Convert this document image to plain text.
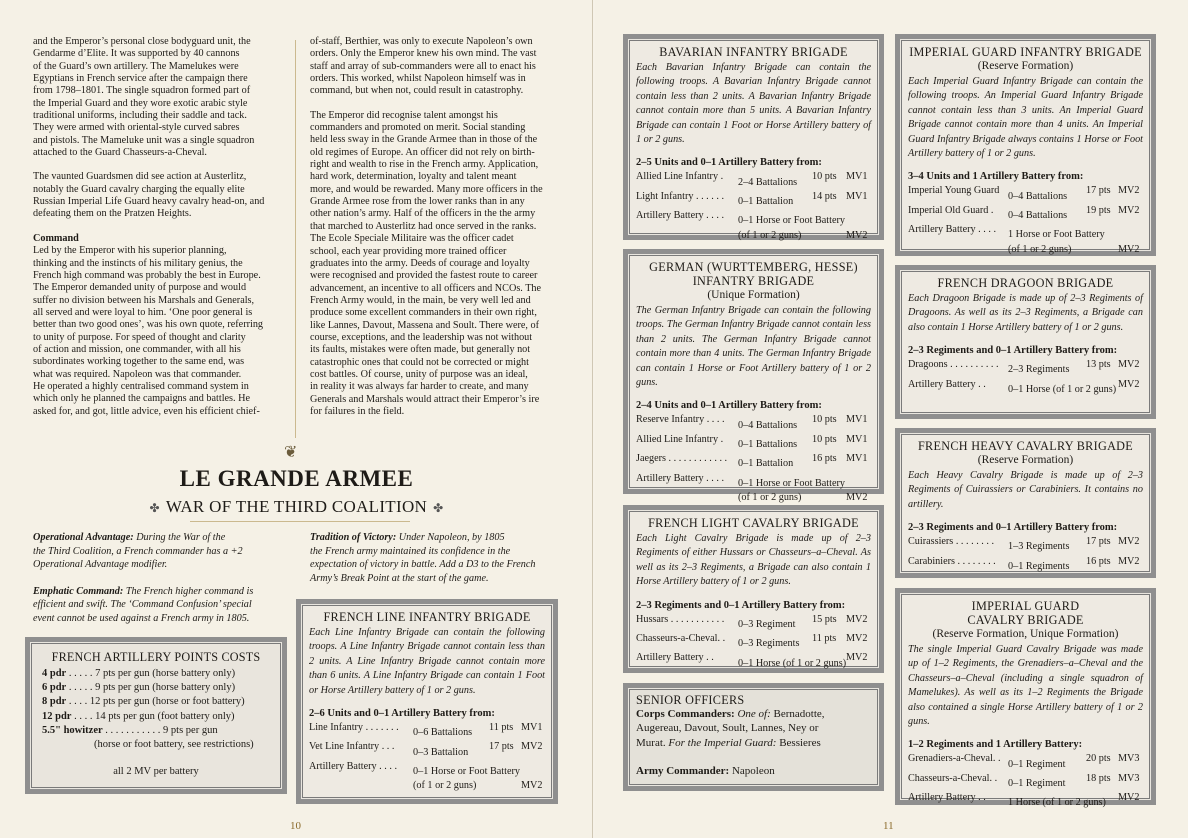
and the Emperor’s personal close bodyguard unit, the
Gendarme d’Elite. It was supported by 40 cannons
of the Guard’s own artillery. The Mamelukes were
Egyptians in French service after the campaign there
from 1798–1801. The single squadron formed part of
the Imperial Guard and they wore exotic arabic style
traditional uniforms, including their saddle and tack.
They were armed with oriental-style curved sabres
and pistols. The Mameluke unit was a single squadron
attached to the Guard Chasseurs-a-Cheval.

The vaunted Guardsmen did see action at Austerlitz,
notably the Guard cavalry charging the equally elite
Russian Imperial Life Guard heavy cavalry head-on, and
defeating them on the Pratzen Heights.

Command

Led by the Emperor with his superior planning,
thinking and the instincts of his military genius, the
French high command was probably the best in Europe.
The Emperor demanded unity of purpose and would
suffer no division between his Marshals and Generals,
all served and were loyal to him. ‘One poor general is
better than two good ones’, was his own quote, referring
to unity of purpose. For speed of thought and clarity
of action and mission, one commander, with all his
subordinates working together to the same end, was
what was required. Napoleon was that commander.
He operated a highly centralised command system in
which only he planned the campaigns and battles. He
asked for, and got, little advice, even his efficient chief-

of-staff, Berthier, was only to execute Napoleon’s own
orders. Only the Emperor knew his own mind. The vast
staff and array of sub-commanders were all to enact his
orders. This worked, whilst Napoleon himself was in
command, but when not, could result in catastrophy.

The Emperor did recognise talent amongst his
commanders and promoted on merit. Social standing
held less sway in the Grande Armee than in those of the
old regimes of Europe. An officer did not rely on birth-
right and wealth to rise in the French army. Application,
hard work, determination, loyalty and talent meant
more, and would be rewarded. Many more officers in the
Grande Armee rose from the lower ranks than in any
other nation’s army. Half of the officers in the the army
that marched to Austerlitz had once served in the ranks.
The Ecole Speciale Militaire was the officer cadet
school, each year providing more trained officer
graduates into the army. Deeds of courage and loyalty
were recognised and provided the fastest route to career
advancement, an incentive to all officers and NCOs. The
French Army would, in the main, be very well led and
produce some excellent commanders in their own right,
like Lannes, Davout, Massena and Soult. There were, of
course, exceptions, and the leadership was not without
its faults, mistakes were often made, but generally not
catastrophic ones that could not be corrected or might
cost battles. Of course, unity of purpose was an ideal,
in reality it was always far harder to create, and many
Generals and Marshals would attract their Emperor’s ire
for failures in the field.

❦
LE GRANDE ARMEE
✤ WAR OF THE THIRD COALITION ✤

Operational Advantage: During the War of the
the Third Coalition, a French commander has a +2
Operational Advantage modifier.

Emphatic Command: The French higher command is
efficient and swift. The ‘Command Confusion’ special
event cannot be used against a French army in 1805.

Tradition of Victory: Under Napoleon, by 1805
the French army maintained its confidence in the
expectation of victory in battle. Add a D3 to the French
Army’s Break Point at the start of the game.

FRENCH ARTILLERY POINTS COSTS
4 pdr . . . . . 7 pts per gun (horse battery only)
6 pdr . . . . . 9 pts per gun (horse battery only)
8 pdr . . . . 12 pts per gun (horse or foot battery)
12 pdr . . . . 14 pts per gun (foot battery only)
5.5" howitzer . . . . . . . . . . . 9 pts per gun
(horse or foot battery, see restrictions)
all 2 MV per battery
FRENCH LINE INFANTRY BRIGADE
Each Line Infantry Brigade can contain the following troops. A Line Infantry Brigade cannot contain less than 2 units. A Line Infantry Brigade cannot contain more than 6 units. A Line Infantry Brigade can contain 1 Foot or Horse Artillery battery of 1 or 2 guns.
2–6 Units and 0–1 Artillery Battery from:
Line Infantry . . . . . . .0–6 Battalions 11 pts MV1
Vet Line Infantry . . .0–3 Battalion 17 pts MV2
Artillery Battery . . . .0–1 Horse or Foot Battery
(of 1 or 2 guns)	MV2
10	11
BAVARIAN INFANTRY BRIGADE
Each Bavarian Infantry Brigade can contain the following troops. A Bavarian Infantry Brigade cannot contain less than 2 units. A Bavarian Infantry Brigade cannot contain more than 5 units. A Bavarian Infantry Brigade can contain 1 Foot or Horse Artillery battery of 1 or 2 guns.
2–5 Units and 0–1 Artillery Battery from:
Allied Line Infantry .2–4 Battalions 10 pts MV1
Light Infantry . . . . . .0–1 Battalion 14 pts MV1
Artillery Battery . . . .0–1 Horse or Foot Battery
(of 1 or 2 guns)	MV2
GERMAN (WURTTEMBERG, HESSE)
INFANTRY BRIGADE
(Unique Formation)
The German Infantry Brigade can contain the following troops. The German Infantry Brigade cannot contain less than 2 units. The German Infantry Brigade cannot contain more than 4 units. The German Infantry Brigade can contain 1 Horse or Foot Artillery battery of 1 or 2 guns.
2–4 Units and 0–1 Artillery Battery from:
Reserve Infantry . . . .0–4 Battalions 10 pts MV1
Allied Line Infantry .0–1 Battalions 10 pts MV1
Jaegers . . . . . . . . . . . .0–1 Battalion 16 pts MV1
Artillery Battery . . . .0–1 Horse or Foot Battery
(of 1 or 2 guns)	MV2
FRENCH LIGHT CAVALRY BRIGADE
Each Light Cavalry Brigade is made up of 2–3 Regiments of either Hussars or Chasseurs–a–Cheval. As well as its 2–3 Regiments, a Brigade can also contain 1 Horse Artillery battery of 1 or 2 guns.
2–3 Regiments and 0–1 Artillery Battery from:
Hussars . . . . . . . . . . .0–3 Regiment 15 pts MV2
Chasseurs-a-Cheval. .0–3 Regiments 11 pts MV2
Artillery Battery . .0–1 Horse (of 1 or 2 guns) MV2
SENIOR OFFICERS
Corps Commanders: One of: Bernadotte,
Augereau, Davout, Soult, Lannes, Ney or
Murat. For the Imperial Guard: Bessieres
Army Commander: Napoleon
IMPERIAL GUARD INFANTRY BRIGADE
(Reserve Formation)
Each Imperial Guard Infantry Brigade can contain the following troops. An Imperial Guard Infantry Brigade cannot contain less than 3 units. An Imperial Guard Brigade cannot contain more than 4 units. An Imperial Guard Infantry Brigade always contains 1 Horse or Foot Artillery battery of 1 or 2 guns.
3–4 Units and 1 Artillery Battery from:
Imperial Young Guard0–4 Battalions 17 pts MV2
Imperial Old Guard .0–4 Battalions 19 pts MV2
Artillery Battery . . . .1 Horse or Foot Battery
(of 1 or 2 guns)	MV2
FRENCH DRAGOON BRIGADE
Each Dragoon Brigade is made up of 2–3 Regiments of Dragoons. As well as its 2–3 Regiments, a Brigade can also contain 1 Horse Artillery battery of 1 or 2 guns.
2–3 Regiments and 0–1 Artillery Battery from:
Dragoons . . . . . . . . . .2–3 Regiments 13 pts MV2
Artillery Battery . .0–1 Horse (of 1 or 2 guns) MV2
FRENCH HEAVY CAVALRY BRIGADE
(Reserve Formation)
Each Heavy Cavalry Brigade is made up of 2–3 Regiments of Cuirassiers or Carabiniers. It contains no artillery.
2–3 Regiments and 0–1 Artillery Battery from:
Cuirassiers . . . . . . . .1–3 Regiments 17 pts MV2
Carabiniers . . . . . . . .0–1 Regiments 16 pts MV2
IMPERIAL GUARD
CAVALRY BRIGADE
(Reserve Formation, Unique Formation)
The single Imperial Guard Cavalry Brigade was made up of 1–2 Regiments, the Grenadiers–a–Cheval and the Chasseurs–a–Cheval (including a single squadron of Mamelukes). As well as its 1–2 Regiments the Brigade also contained a single Horse Artillery battery of 1 or 2 guns.
1–2 Regiments and 1 Artillery Battery:
Grenadiers-a-Cheval. .0–1 Regiment 20 pts MV3
Chasseurs-a-Cheval. .0–1 Regiment 18 pts MV3
Artillery Battery . .1 Horse (of 1 or 2 guns) MV2
